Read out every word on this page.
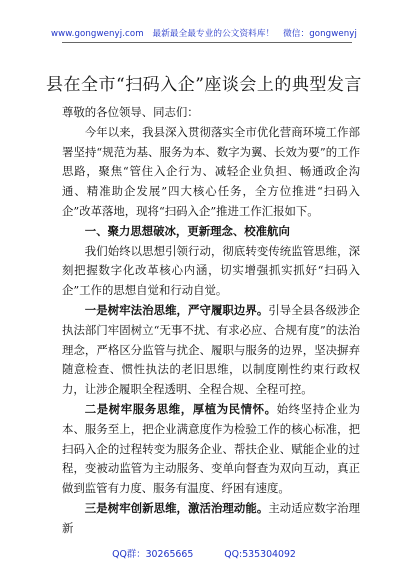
www.gongwenyj.com 最新最全最专业的公文资料库！ 微信：gongwenyj
县在全市“扫码入企”座谈会上的典型发言

尊敬的各位领导、同志们：

今年以来，我县深入贯彻落实全市优化营商环境工作部署坚持“规范为基、服务为本、数字为翼、长效为要”的工作思路，聚焦“管住入企行为、减轻企业负担、畅通政企沟通、精准助企发展”四大核心任务，全方位推进“扫码入企”改革落地，现将“扫码入企”推进工作汇报如下。

一、聚力思想破冰，更新理念、校准航向

我们始终以思想引领行动，彻底转变传统监管思维，深刻把握数字化改革核心内涵，切实增强抓实抓好“扫码入企”工作的思想自觉和行动自觉。

一是树牢法治思维，严守履职边界。引导全县各级涉企执法部门牢固树立“无事不扰、有求必应、合规有度”的法治理念，严格区分监管与扰企、履职与服务的边界，坚决摒弃随意检查、惯性执法的老旧思维，以制度刚性约束行政权力，让涉企履职全程透明、全程合规、全程可控。

二是树牢服务思维，厚植为民情怀。始终坚持企业为本、服务至上，把企业满意度作为检验工作的核心标准，把扫码入企的过程转变为服务企业、帮扶企业、赋能企业的过程，变被动监管为主动服务、变单向督查为双向互动，真正做到监管有力度、服务有温度、纾困有速度。

三是树牢创新思维，激活治理动能。主动适应数字治理新

QQ群：30265665	QQ:535304092
